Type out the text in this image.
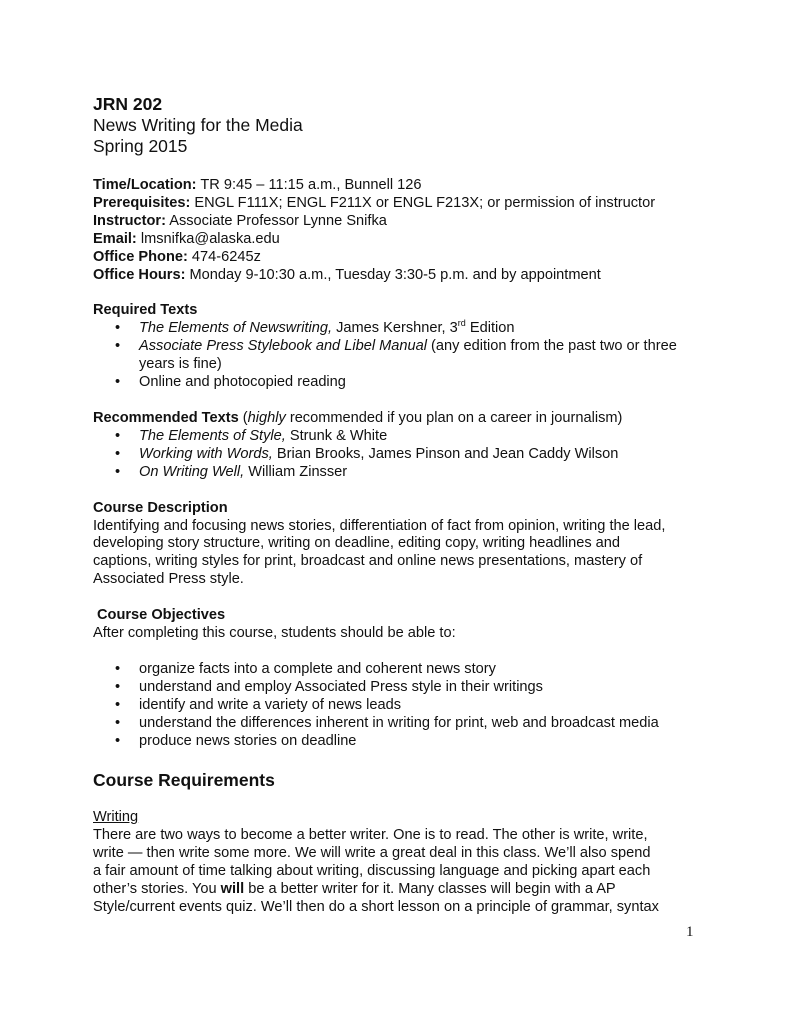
JRN 202
News Writing for the Media
Spring 2015
Time/Location: TR 9:45 – 11:15 a.m., Bunnell 126
Prerequisites: ENGL F111X; ENGL F211X or ENGL F213X; or permission of instructor
Instructor: Associate Professor Lynne Snifka
Email: lmsnifka@alaska.edu
Office Phone: 474-6245z
Office Hours: Monday 9-10:30 a.m., Tuesday 3:30-5 p.m. and by appointment
Required Texts
• The Elements of Newswriting, James Kershner, 3rd Edition
• Associate Press Stylebook and Libel Manual (any edition from the past two or three years is fine)
• Online and photocopied reading
Recommended Texts (highly recommended if you plan on a career in journalism)
• The Elements of Style, Strunk & White
• Working with Words, Brian Brooks, James Pinson and Jean Caddy Wilson
• On Writing Well, William Zinsser
Course Description
Identifying and focusing news stories, differentiation of fact from opinion, writing the lead,
developing story structure, writing on deadline, editing copy, writing headlines and
captions, writing styles for print, broadcast and online news presentations, mastery of
Associated Press style.
Course Objectives
After completing this course, students should be able to:
• organize facts into a complete and coherent news story
• understand and employ Associated Press style in their writings
• identify and write a variety of news leads
• understand the differences inherent in writing for print, web and broadcast media
• produce news stories on deadline
Course Requirements
Writing
There are two ways to become a better writer. One is to read. The other is write, write,
write — then write some more. We will write a great deal in this class. We’ll also spend
a fair amount of time talking about writing, discussing language and picking apart each
other’s stories. You will be a better writer for it. Many classes will begin with a AP
Style/current events quiz. We’ll then do a short lesson on a principle of grammar, syntax
1
